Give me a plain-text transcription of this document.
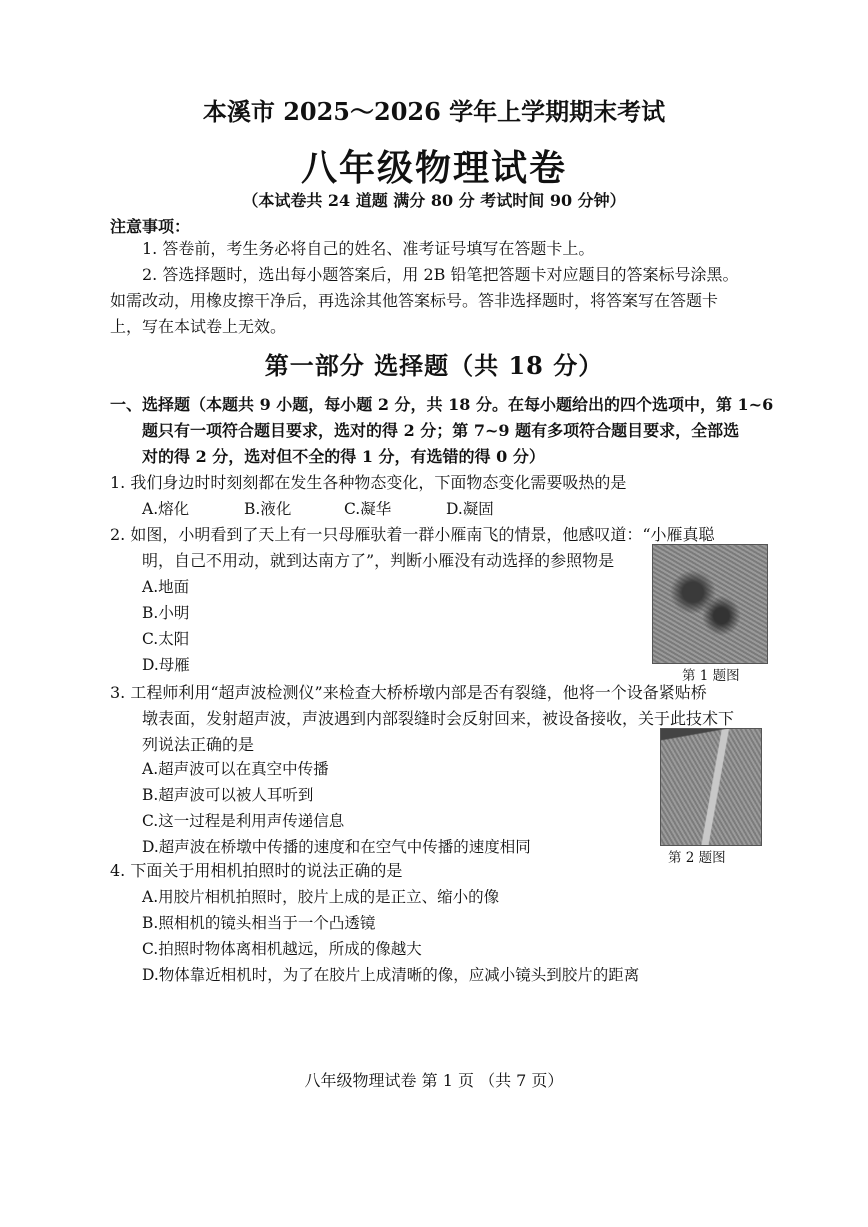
本溪市 2025～2026 学年上学期期末考试
八年级物理试卷
（本试卷共 24 道题 满分 80 分 考试时间 90 分钟）
注意事项：
1. 答卷前，考生务必将自己的姓名、准考证号填写在答题卡上。
2. 答选择题时，选出每小题答案后，用 2B 铅笔把答题卡对应题目的答案标号涂黑。
如需改动，用橡皮擦干净后，再选涂其他答案标号。答非选择题时，将答案写在答题卡
上，写在本试卷上无效。
第一部分 选择题（共 18 分）
一、选择题（本题共 9 小题，每小题 2 分，共 18 分。在每小题给出的四个选项中，第 1~6
题只有一项符合题目要求，选对的得 2 分；第 7~9 题有多项符合题目要求，全部选
对的得 2 分，选对但不全的得 1 分，有选错的得 0 分）
1. 我们身边时时刻刻都在发生各种物态变化，下面物态变化需要吸热的是
A.熔化	B.液化	C.凝华	D.凝固
2. 如图，小明看到了天上有一只母雁驮着一群小雁南飞的情景，他感叹道：“小雁真聪
明，自己不用动，就到达南方了”，判断小雁没有动选择的参照物是
A.地面
B.小明
C.太阳
D.母雁
第 1 题图
3. 工程师利用“超声波检测仪”来检查大桥桥墩内部是否有裂缝，他将一个设备紧贴桥
墩表面，发射超声波，声波遇到内部裂缝时会反射回来，被设备接收，关于此技术下
列说法正确的是
A.超声波可以在真空中传播
B.超声波可以被人耳听到
C.这一过程是利用声传递信息
D.超声波在桥墩中传播的速度和在空气中传播的速度相同
第 2 题图
4. 下面关于用相机拍照时的说法正确的是
A.用胶片相机拍照时，胶片上成的是正立、缩小的像
B.照相机的镜头相当于一个凸透镜
C.拍照时物体离相机越远，所成的像越大
D.物体靠近相机时，为了在胶片上成清晰的像，应减小镜头到胶片的距离
八年级物理试卷 第 1 页 （共 7 页）
